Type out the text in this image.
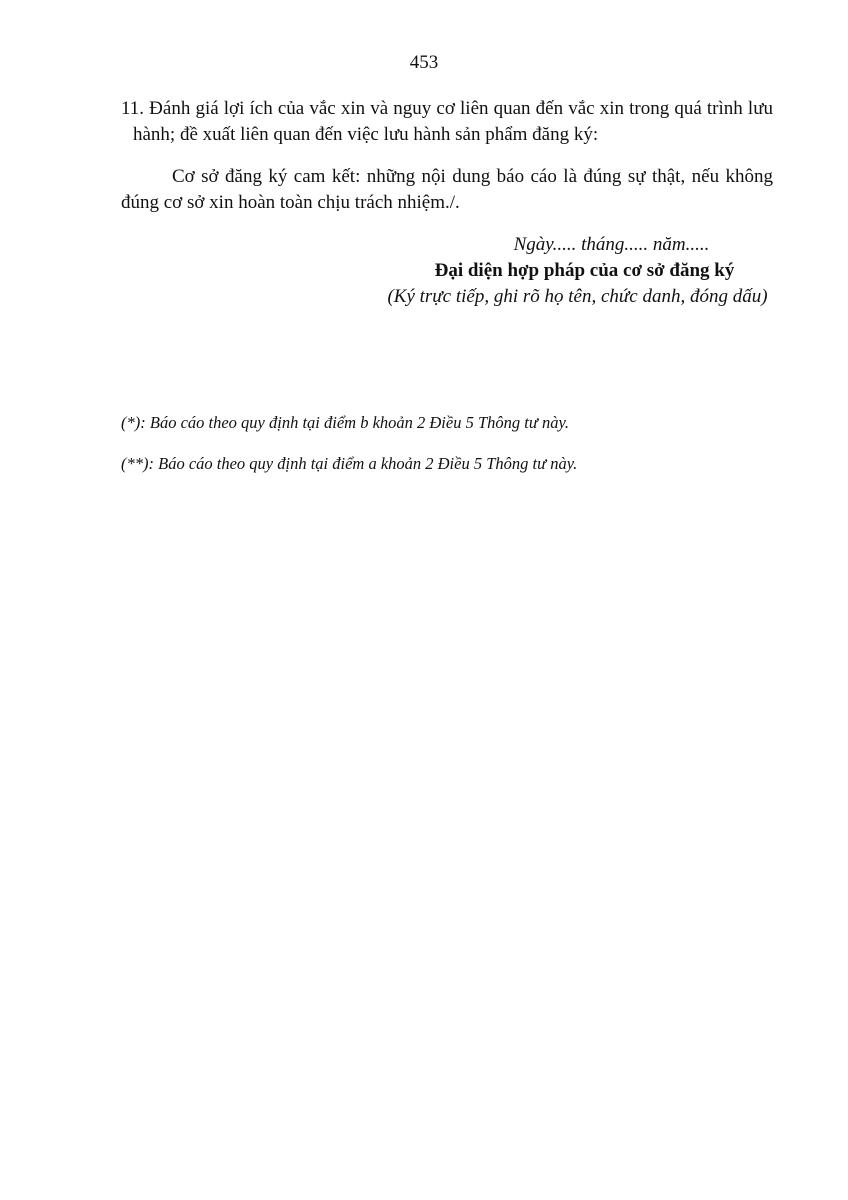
453
11. Đánh giá lợi ích của vắc xin và nguy cơ liên quan đến vắc xin trong quá trình lưu hành; đề xuất liên quan đến việc lưu hành sản phẩm đăng ký:
Cơ sở đăng ký cam kết: những nội dung báo cáo là đúng sự thật, nếu không đúng cơ sở xin hoàn toàn chịu trách nhiệm./.
Ngày..... tháng..... năm.....
Đại diện hợp pháp của cơ sở đăng ký
(Ký trực tiếp, ghi rõ họ tên, chức danh, đóng dấu)
(*): Báo cáo theo quy định tại điểm b khoản 2 Điều 5 Thông tư này.
(**): Báo cáo theo quy định tại điểm a khoản 2 Điều 5 Thông tư này.
